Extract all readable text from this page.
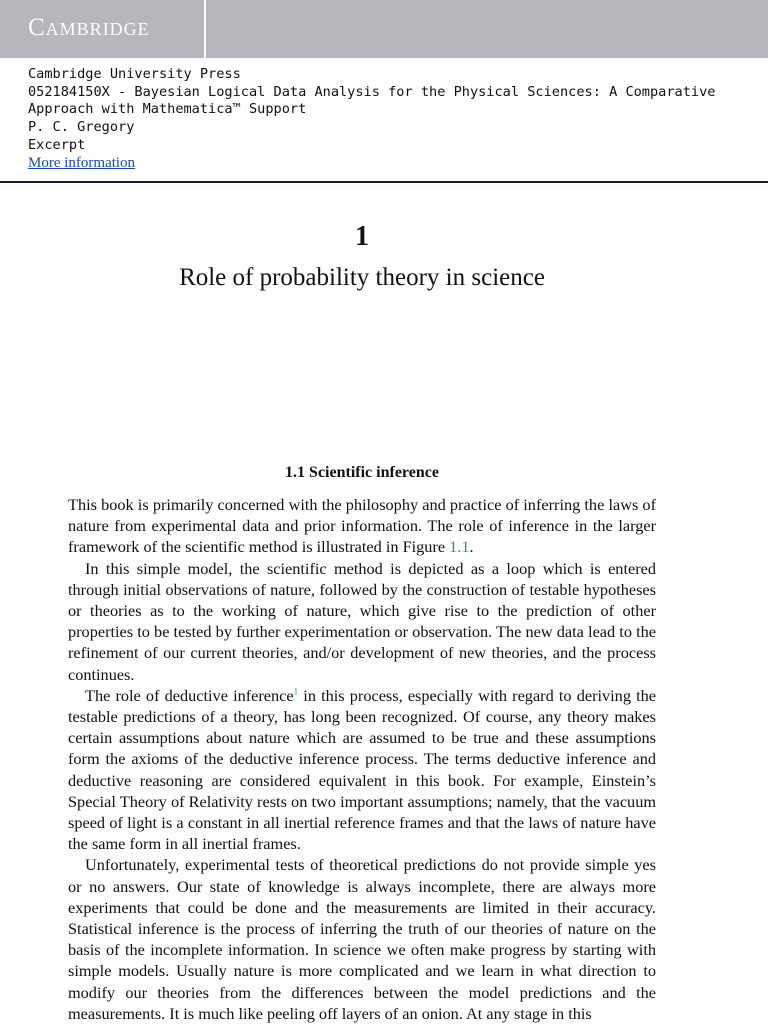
Cambridge
Cambridge University Press
052184150X - Bayesian Logical Data Analysis for the Physical Sciences: A Comparative
Approach with Mathematica™ Support
P. C. Gregory
Excerpt
More information
1
Role of probability theory in science
1.1 Scientific inference

This book is primarily concerned with the philosophy and practice of inferring the laws of nature from experimental data and prior information. The role of inference in the larger framework of the scientific method is illustrated in Figure 1.1.

In this simple model, the scientific method is depicted as a loop which is entered through initial observations of nature, followed by the construction of testable hypotheses or theories as to the working of nature, which give rise to the prediction of other properties to be tested by further experimentation or observation. The new data lead to the refinement of our current theories, and/or development of new theories, and the process continues.

The role of deductive inference$^1$ in this process, especially with regard to deriving the testable predictions of a theory, has long been recognized. Of course, any theory makes certain assumptions about nature which are assumed to be true and these assumptions form the axioms of the deductive inference process. The terms deductive inference and deductive reasoning are considered equivalent in this book. For example, Einstein’s Special Theory of Relativity rests on two important assumptions; namely, that the vacuum speed of light is a constant in all inertial reference frames and that the laws of nature have the same form in all inertial frames.

Unfortunately, experimental tests of theoretical predictions do not provide simple yes or no answers. Our state of knowledge is always incomplete, there are always more experiments that could be done and the measurements are limited in their accuracy. Statistical inference is the process of inferring the truth of our theories of nature on the basis of the incomplete information. In science we often make progress by starting with simple models. Usually nature is more complicated and we learn in what direction to modify our theories from the differences between the model predictions and the measurements. It is much like peeling off layers of an onion. At any stage in this
